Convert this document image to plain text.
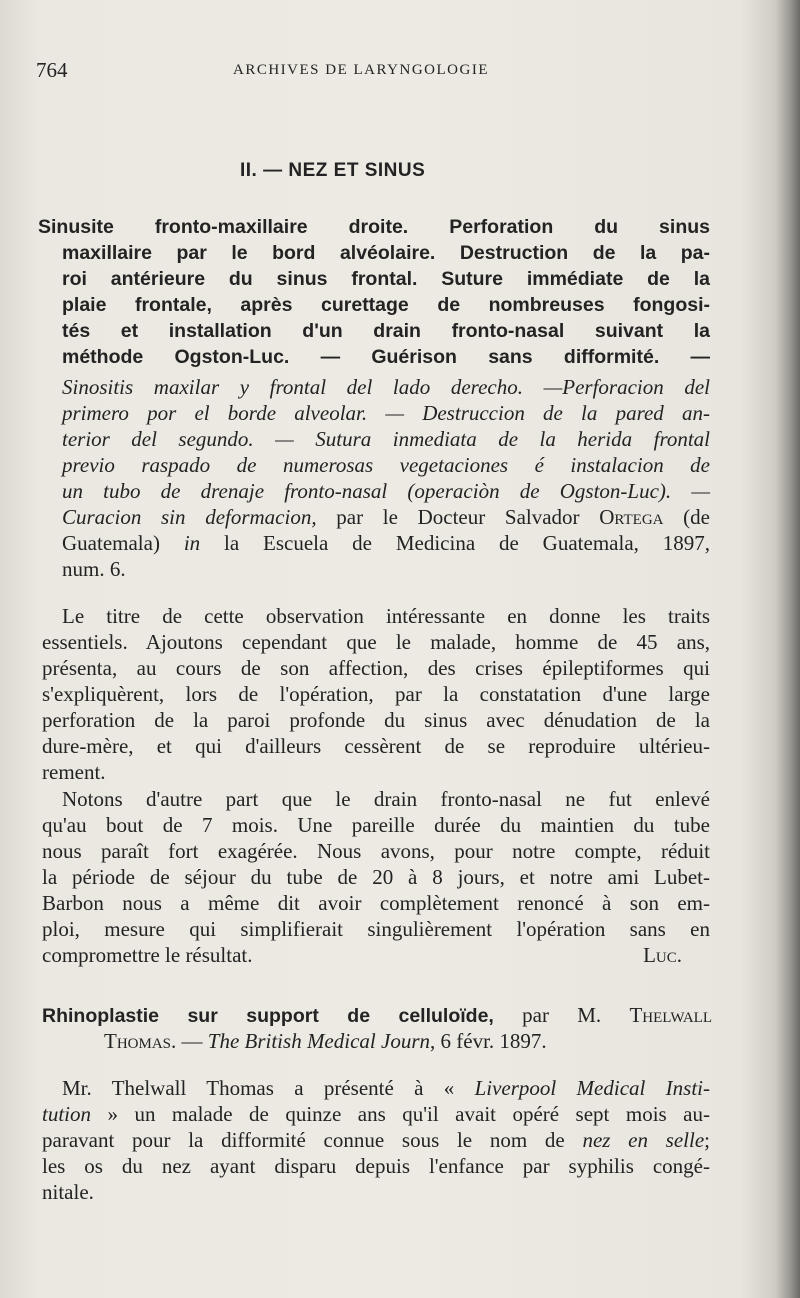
764	ARCHIVES DE LARYNGOLOGIE
II. — NEZ ET SINUS
Sinusite fronto-maxillaire droite. Perforation du sinus
maxillaire par le bord alvéolaire. Destruction de la pa-
roi antérieure du sinus frontal. Suture immédiate de la
plaie frontale, après curettage de nombreuses fongosi-
tés et installation d'un drain fronto-nasal suivant la
méthode Ogston-Luc. — Guérison sans difformité. —
Sinositis maxilar y frontal del lado derecho. —Perforacion del
primero por el borde alveolar. — Destruccion de la pared an-
terior del segundo. — Sutura inmediata de la herida frontal
previo raspado de numerosas vegetaciones é instalacion de
un tubo de drenaje fronto-nasal (operaciòn de Ogston-Luc). —
Curacion sin deformacion, par le Docteur Salvador Ortega (de
Guatemala) in la Escuela de Medicina de Guatemala, 1897,
num. 6.
Le titre de cette observation intéressante en donne les traits
essentiels. Ajoutons cependant que le malade, homme de 45 ans,
présenta, au cours de son affection, des crises épileptiformes qui
s'expliquèrent, lors de l'opération, par la constatation d'une large
perforation de la paroi profonde du sinus avec dénudation de la
dure-mère, et qui d'ailleurs cessèrent de se reproduire ultérieu-
rement.
Notons d'autre part que le drain fronto-nasal ne fut enlevé
qu'au bout de 7 mois. Une pareille durée du maintien du tube
nous paraît fort exagérée. Nous avons, pour notre compte, réduit
la période de séjour du tube de 20 à 8 jours, et notre ami Lubet-
Barbon nous a même dit avoir complètement renoncé à son em-
ploi, mesure qui simplifierait singulièrement l'opération sans en
compromettre le résultat.	Luc.
Rhinoplastie sur support de celluloïde, par M. Thelwall
Thomas. — The British Medical Journ, 6 févr. 1897.
Mr. Thelwall Thomas a présenté à « Liverpool Medical Insti-
tution » un malade de quinze ans qu'il avait opéré sept mois au-
paravant pour la difformité connue sous le nom de nez en selle;
les os du nez ayant disparu depuis l'enfance par syphilis congé-
nitale.
